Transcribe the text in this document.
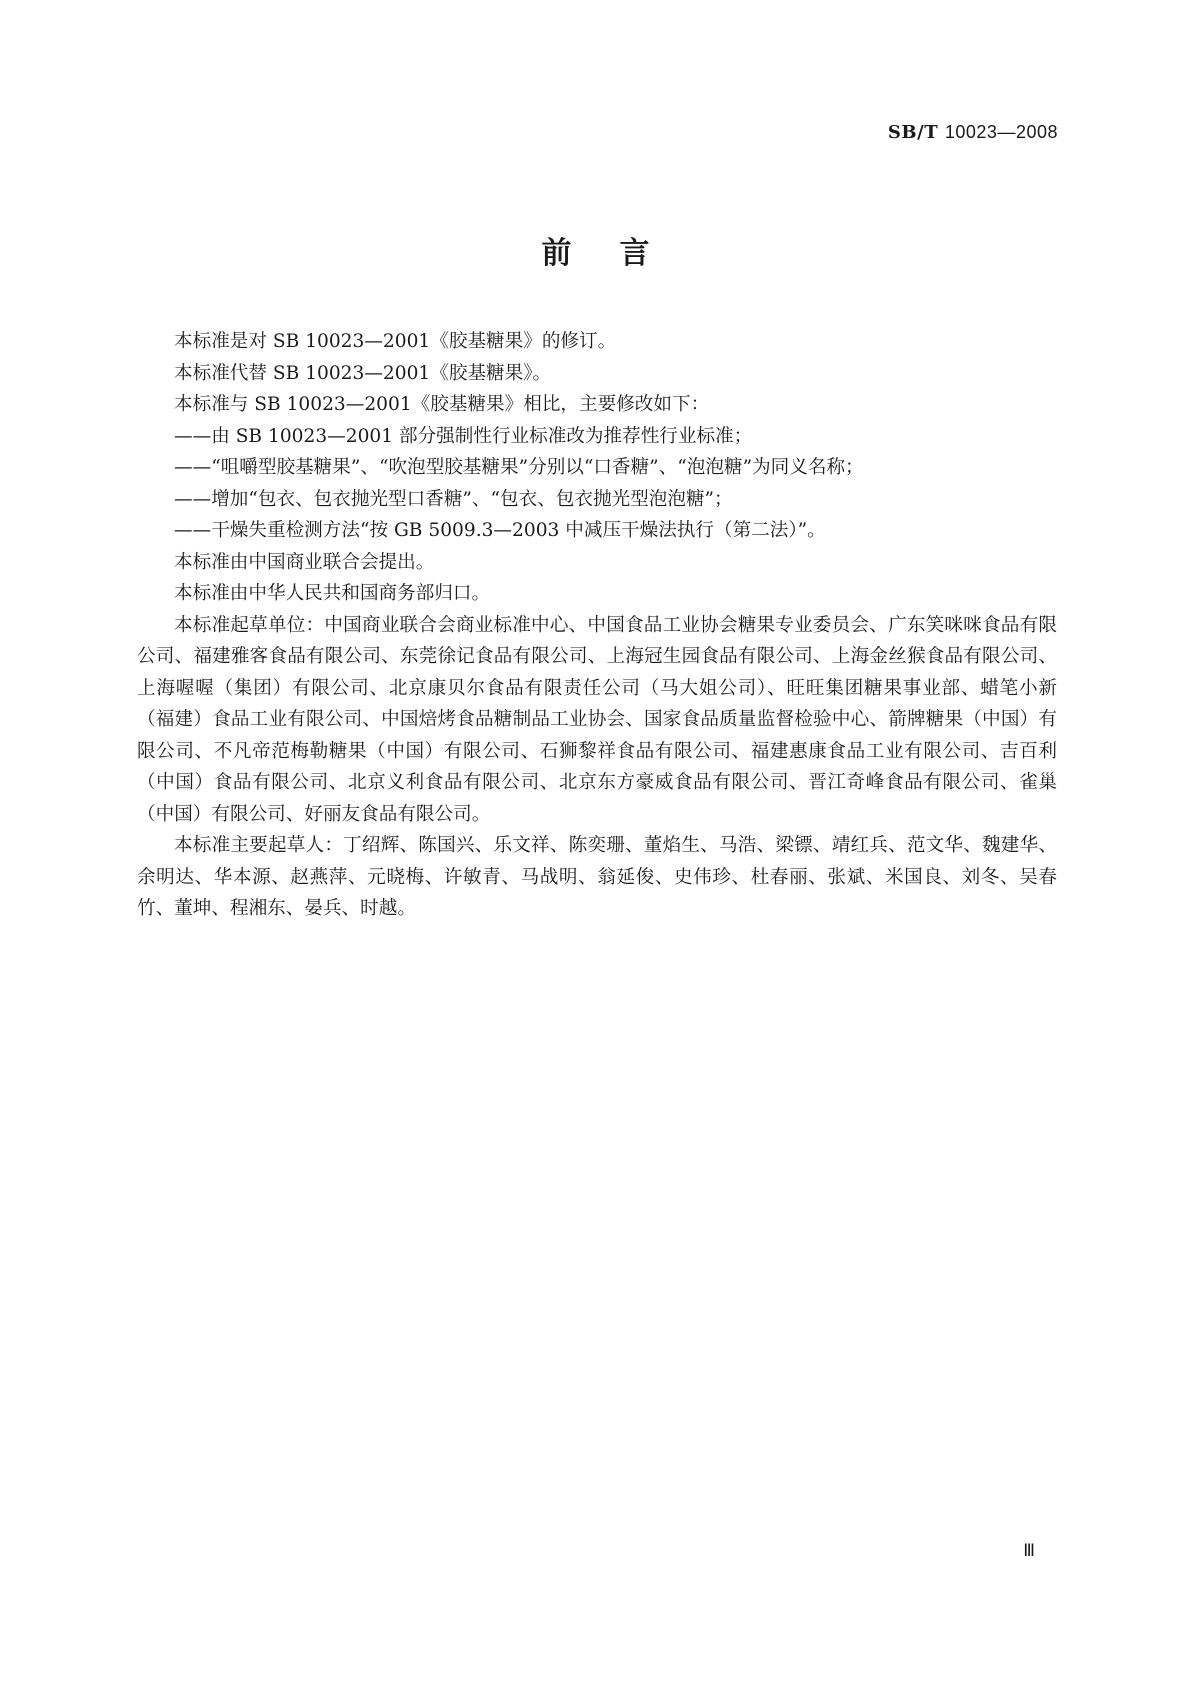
SB/T 10023—2008
前言

本标准是对 SB 10023—2001《胶基糖果》的修订。

本标准代替 SB 10023—2001《胶基糖果》。

本标准与 SB 10023—2001《胶基糖果》相比，主要修改如下：

——由 SB 10023—2001 部分强制性行业标准改为推荐性行业标准；

——“咀嚼型胶基糖果”、“吹泡型胶基糖果”分别以“口香糖”、“泡泡糖”为同义名称；

——增加“包衣、包衣抛光型口香糖”、“包衣、包衣抛光型泡泡糖”；

——干燥失重检测方法“按 GB 5009.3—2003 中减压干燥法执行（第二法）”。

本标准由中国商业联合会提出。

本标准由中华人民共和国商务部归口。

本标准起草单位：中国商业联合会商业标准中心、中国食品工业协会糖果专业委员会、广东笑咪咪食品有限公司、福建雅客食品有限公司、东莞徐记食品有限公司、上海冠生园食品有限公司、上海金丝猴食品有限公司、上海喔喔（集团）有限公司、北京康贝尔食品有限责任公司（马大姐公司）、旺旺集团糖果事业部、蜡笔小新（福建）食品工业有限公司、中国焙烤食品糖制品工业协会、国家食品质量监督检验中心、箭牌糖果（中国）有限公司、不凡帝范梅勒糖果（中国）有限公司、石狮黎祥食品有限公司、福建惠康食品工业有限公司、吉百利（中国）食品有限公司、北京义利食品有限公司、北京东方豪威食品有限公司、晋江奇峰食品有限公司、雀巢（中国）有限公司、好丽友食品有限公司。

本标准主要起草人：丁绍辉、陈国兴、乐文祥、陈奕珊、董焰生、马浩、梁镖、靖红兵、范文华、魏建华、余明达、华本源、赵燕萍、元晓梅、许敏青、马战明、翁延俊、史伟珍、杜春丽、张斌、米国良、刘冬、吴春竹、董坤、程湘东、晏兵、时越。

Ⅲ
